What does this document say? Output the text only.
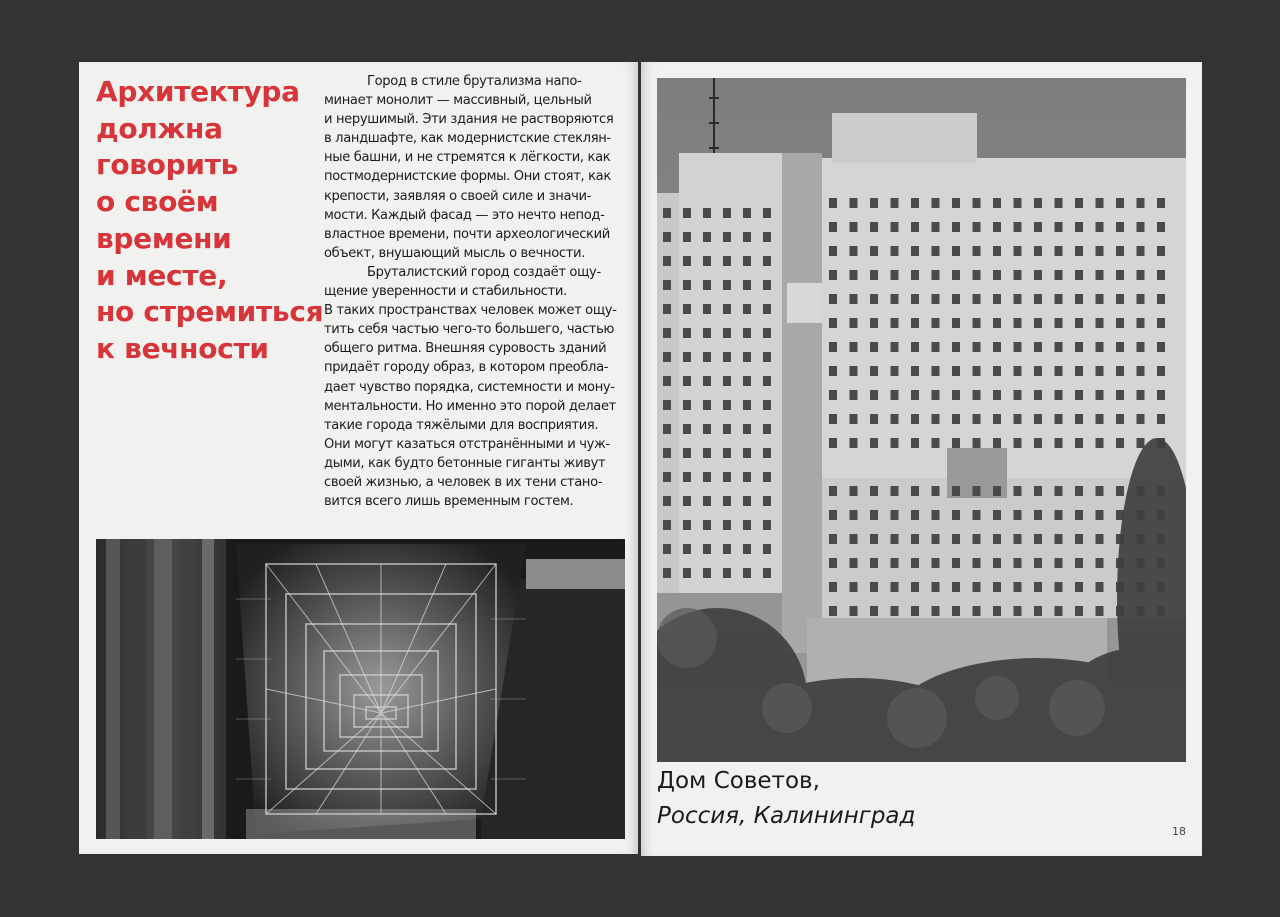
Архитектура
должна
говорить
о своём
времени
и месте,
но стремиться
к вечности
Город в стиле брутализма напо-
минает монолит — массивный, цельный
и нерушимый. Эти здания не растворяются
в ландшафте, как модернистские стеклян-
ные башни, и не стремятся к лёгкости, как
постмодернистские формы. Они стоят, как
крепости, заявляя о своей силе и значи-
мости. Каждый фасад — это нечто непод-
властное времени, почти археологический
объект, внушающий мысль о вечности.
Бруталистский город создаёт ощу-
щение уверенности и стабильности.
В таких пространствах человек может ощу-
тить себя частью чего-то большего, частью
общего ритма. Внешняя суровость зданий
придаёт городу образ, в котором преобла-
дает чувство порядка, системности и мону-
ментальности. Но именно это порой делает
такие города тяжёлыми для восприятия.
Они могут казаться отстранёнными и чуж-
дыми, как будто бетонные гиганты живут
своей жизнью, а человек в их тени стано-
вится всего лишь временным гостем.
Дом Советов,

Россия, Калининград

18
